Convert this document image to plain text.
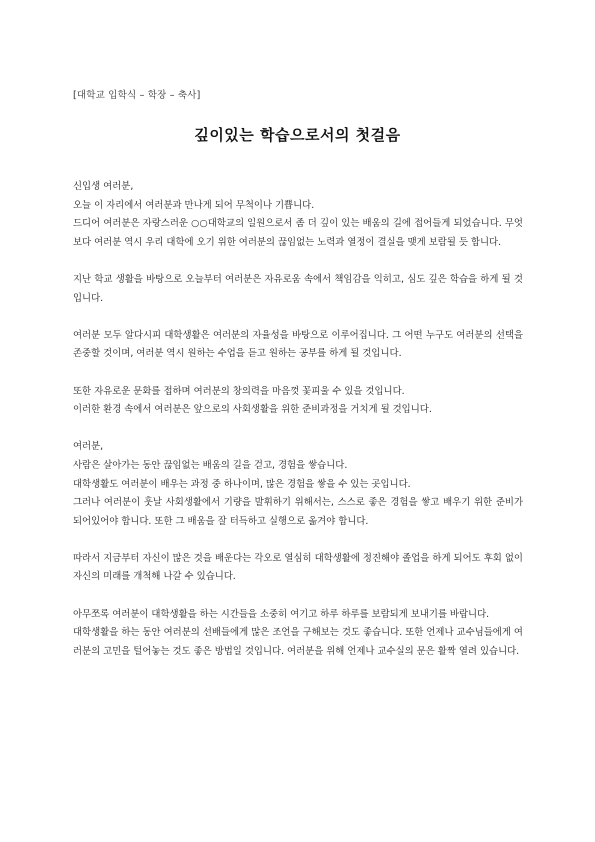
[대학교 입학식 – 학장 – 축사]
깊이있는 학습으로서의 첫걸음

신입생 여러분,

오늘 이 자리에서 여러분과 만나게 되어 무척이나 기쁩니다.

드디어 여러분은 자랑스러운 ○○대학교의 일원으로서 좀 더 깊이 있는 배움의 길에 접어들게 되었습니다. 무엇보다 여러분 역시 우리 대학에 오기 위한 여러분의 끊임없는 노력과 열정이 결실을 맺게 보람될 듯 합니다.

지난 학교 생활을 바탕으로 오늘부터 여러분은 자유로움 속에서 책임감을 익히고, 심도 깊은 학습을 하게 될 것입니다.

여러분 모두 알다시피 대학생활은 여러분의 자율성을 바탕으로 이루어집니다. 그 어떤 누구도 여러분의 선택을 존중할 것이며, 여러분 역시 원하는 수업을 듣고 원하는 공부를 하게 될 것입니다.

또한 자유로운 문화를 접하며 여러분의 창의력을 마음껏 꽃피울 수 있을 것입니다.

이러한 환경 속에서 여러분은 앞으로의 사회생활을 위한 준비과정을 거치게 될 것입니다.

여러분,

사람은 살아가는 동안 끊임없는 배움의 길을 걷고, 경험을 쌓습니다.

대학생활도 여러분이 배우는 과정 중 하나이며, 많은 경험을 쌓을 수 있는 곳입니다.

그러나 여러분이 훗날 사회생활에서 기량을 발휘하기 위해서는, 스스로 좋은 경험을 쌓고 배우기 위한 준비가 되어있어야 합니다. 또한 그 배움을 잘 터득하고 실행으로 옮겨야 합니다.

따라서 지금부터 자신이 많은 것을 배운다는 각오로 열심히 대학생활에 정진해야 졸업을 하게 되어도 후회 없이 자신의 미래를 개척해 나갈 수 있습니다.

아무쪼록 여러분이 대학생활을 하는 시간들을 소중히 여기고 하루 하루를 보람되게 보내기를 바랍니다.

대학생활을 하는 동안 여러분의 선배들에게 많은 조언을 구해보는 것도 좋습니다. 또한 언제나 교수님들에게 여러분의 고민을 털어놓는 것도 좋은 방법일 것입니다. 여러분을 위해 언제나 교수실의 문은 활짝 열려 있습니다.
